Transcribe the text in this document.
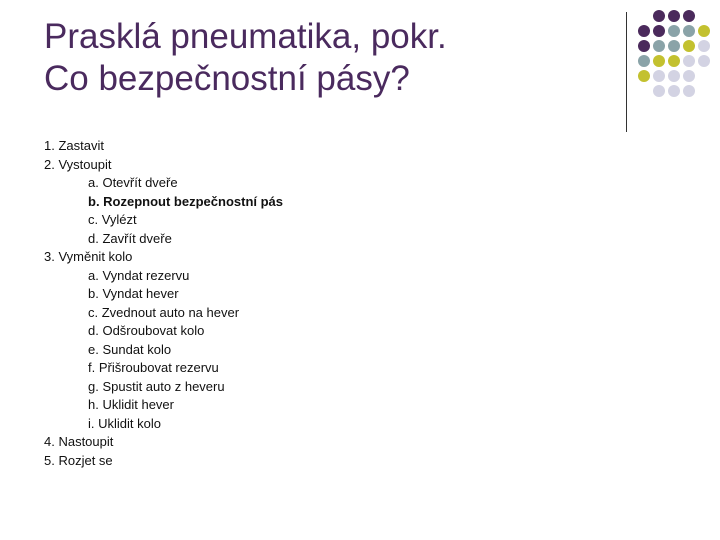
Prasklá pneumatika, pokr.
Co bezpečnostní pásy?
1. Zastavit
2. Vystoupit
a. Otevřít dveře
b. Rozepnout bezpečnostní pás
c. Vylézt
d. Zavřít dveře
3. Vyměnit kolo
a. Vyndat rezervu
b. Vyndat hever
c. Zvednout auto na hever
d. Odšroubovat kolo
e. Sundat kolo
f. Přišroubovat rezervu
g. Spustit auto z heveru
h. Uklidit hever
i. Uklidit kolo
4. Nastoupit
5. Rozjet se
